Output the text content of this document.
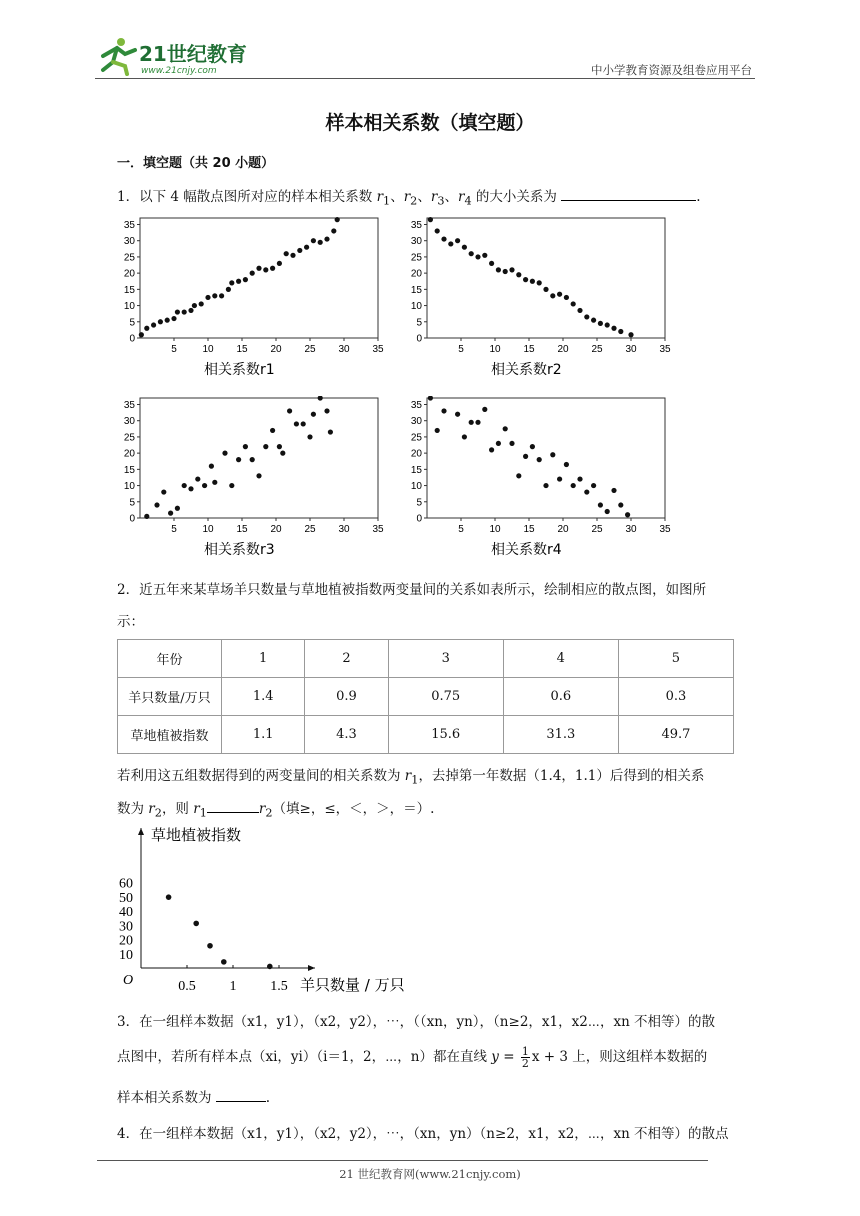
21世纪教育
www.21cnjy.com	中小学教育资源及组卷应用平台
样本相关系数（填空题）
一．填空题（共 20 小题）
1．以下 4 幅散点图所对应的样本相关系数 $r_1$、$r_2$、$r_3$、$r_4$ 的大小关系为	.
0
5
10
15
20
25
30
35
5	10 15 20 25 30 35
相关系数r1
0
5
10
15
20
25
30
35
5	10 15 20 25 30 35
相关系数r2
0
5
10
15
20
25
30
35
5	10 15 20 25 30 35
相关系数r3
0
5
10
15
20
25
30
35
5	10 15 20 25 30 35
相关系数r4
2．近五年来某草场羊只数量与草地植被指数两变量间的关系如表所示，绘制相应的散点图，如图所
示：
年份	1	2	3	4	5
羊只数量/万只	1.4	0.9	0.75	0.6	0.3
草地植被指数	1.1	4.3	15.6	31.3	49.7
若利用这五组数据得到的两变量间的相关系数为 $r_1$，去掉第一年数据（1.4，1.1）后得到的相关系
数为 $r_2$，则 $r_1$	$r_2$（填≥，≤，＜，＞，＝）.
10
20
30
40
50
60
0.5 1 1.5
O
草地植被指数
羊只数量 / 万只
3．在一组样本数据（x1，y1），（x2，y2），⋯，（（xn，yn），（n≥2，x1，x2⋯，xn 不相等）的散
点图中，若所有样本点（xi，yi）（i＝1，2，⋯，n）都在直线 $y = \frac{1}{2}$ x + 3 上，则这组样本数据的
样本相关系数为	.
4．在一组样本数据（x1，y1），（x2，y2），⋯，（xn，yn）（n≥2，x1，x2，⋯，xn 不相等）的散点
21 世纪教育网(www.21cnjy.com)
